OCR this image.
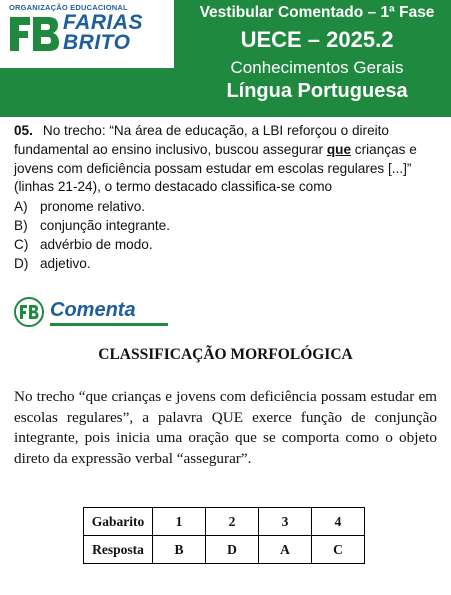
ORGANIZAÇÃO EDUCACIONAL
FARIAS
BRITO
Vestibular Comentado – 1ª Fase
UECE – 2025.2
Conhecimentos Gerais
Língua Portuguesa
05. No trecho: “Na área de educação, a LBI reforçou o direito fundamental ao ensino inclusivo, buscou assegurar que crianças e jovens com deficiência possam estudar em escolas regulares [...]” (linhas 21-24), o termo destacado classifica-se como
A) pronome relativo.
B) conjunção integrante.
C) advérbio de modo.
D) adjetivo.
Comenta
CLASSIFICAÇÃO MORFOLÓGICA
No trecho “que crianças e jovens com deficiência possam estudar em escolas regulares”, a palavra QUE exerce função de conjunção integrante, pois inicia uma oração que se comporta como o objeto direto da expressão verbal “assegurar”.
Gabarito	1	2	3	4
Resposta	B	D	A	C
